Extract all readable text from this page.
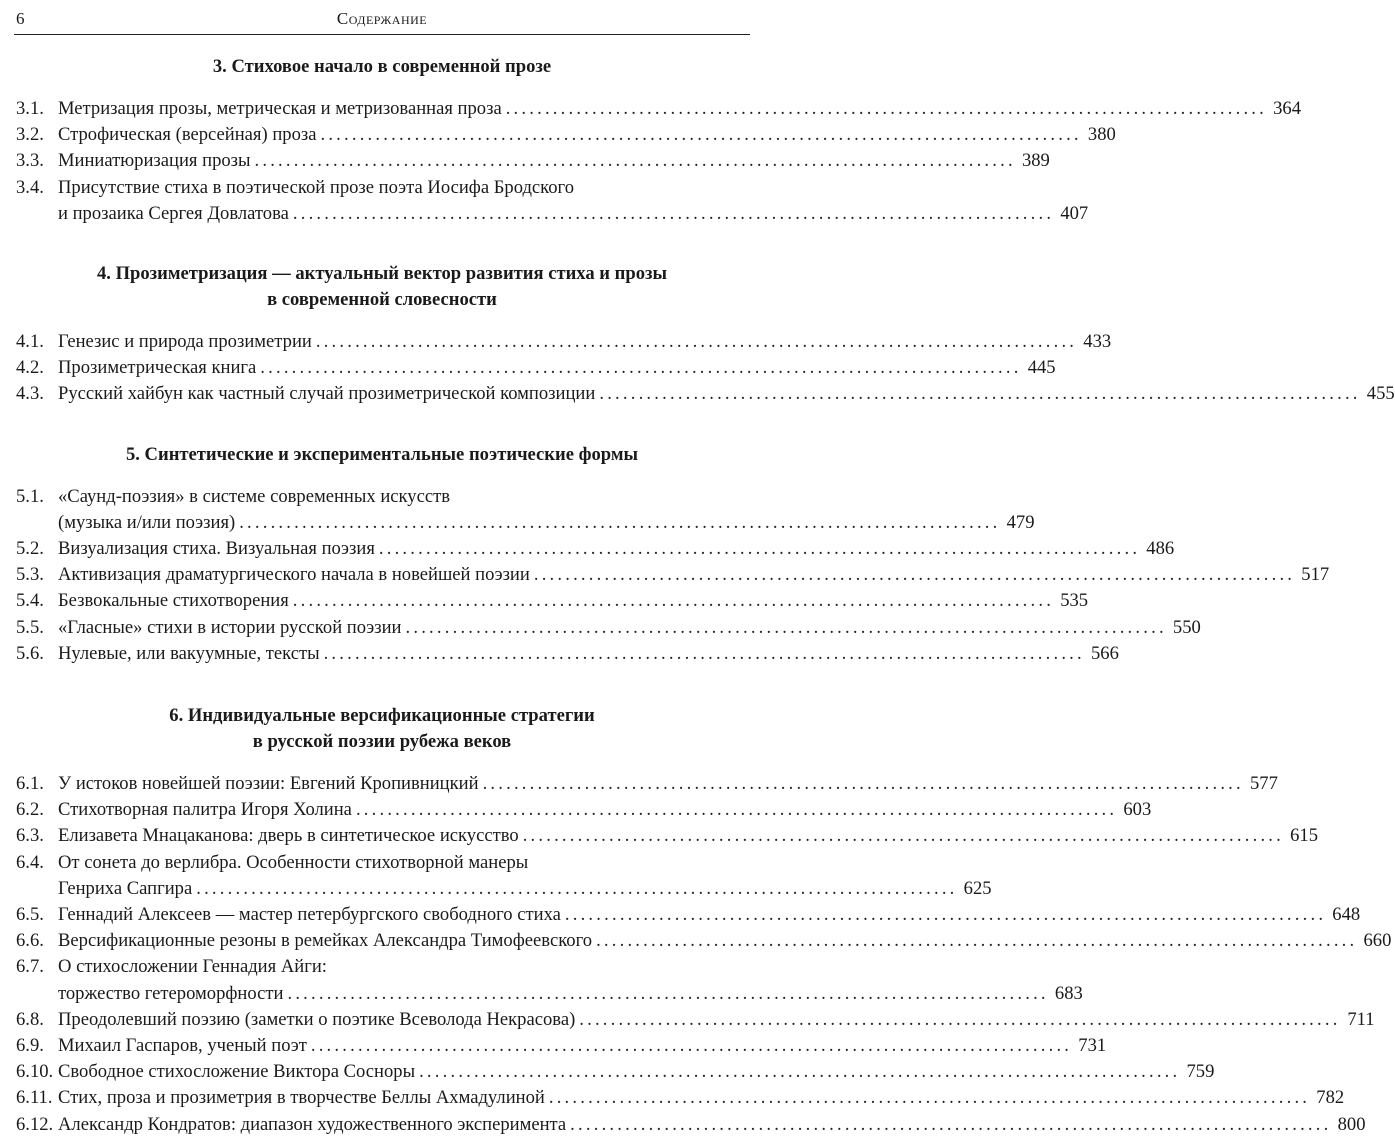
6	Содержание
3. Стиховое начало в современной прозе
3.1. Метризация прозы, метрическая и метризованная проза ................................................................................................. 364
3.2. Строфическая (версейная) проза ................................................................................................. 380
3.3. Миниатюризация прозы ................................................................................................. 389
3.4. Присутствие стиха в поэтической прозе поэта Иосифа Бродского
и прозаика Сергея Довлатова ................................................................................................. 407
4. Прозиметризация — актуальный вектор развития стиха и прозы
в современной словесности
4.1. Генезис и природа прозиметрии ................................................................................................. 433
4.2. Прозиметрическая книга ................................................................................................. 445
4.3. Русский хайбун как частный случай прозиметрической композиции ................................................................................................. 455
5. Синтетические и экспериментальные поэтические формы
5.1. «Саунд-поэзия» в системе современных искусств
(музыка и/или поэзия) ................................................................................................. 479
5.2. Визуализация стиха. Визуальная поэзия ................................................................................................. 486
5.3. Активизация драматургического начала в новейшей поэзии ................................................................................................. 517
5.4. Безвокальные стихотворения ................................................................................................. 535
5.5. «Гласные» стихи в истории русской поэзии ................................................................................................. 550
5.6. Нулевые, или вакуумные, тексты ................................................................................................. 566
6. Индивидуальные версификационные стратегии
в русской поэзии рубежа веков
6.1. У истоков новейшей поэзии: Евгений Кропивницкий ................................................................................................. 577
6.2. Стихотворная палитра Игоря Холина ................................................................................................. 603
6.3. Елизавета Мнацаканова: дверь в синтетическое искусство ................................................................................................. 615
6.4. От сонета до верлибра. Особенности стихотворной манеры
Генриха Сапгира ................................................................................................. 625
6.5. Геннадий Алексеев — мастер петербургского свободного стиха ................................................................................................. 648
6.6. Версификационные резоны в ремейках Александра Тимофеевского ................................................................................................. 660
6.7. О стихосложении Геннадия Айги:
торжество гетероморфности ................................................................................................. 683
6.8. Преодолевший поэзию (заметки о поэтике Всеволода Некрасова) ................................................................................................. 711
6.9. Михаил Гаспаров, ученый поэт ................................................................................................. 731
6.10. Свободное стихосложение Виктора Сосноры ................................................................................................. 759
6.11. Стих, проза и прозиметрия в творчестве Беллы Ахмадулиной ................................................................................................. 782
6.12. Александр Кондратов: диапазон художественного эксперимента ................................................................................................. 800
